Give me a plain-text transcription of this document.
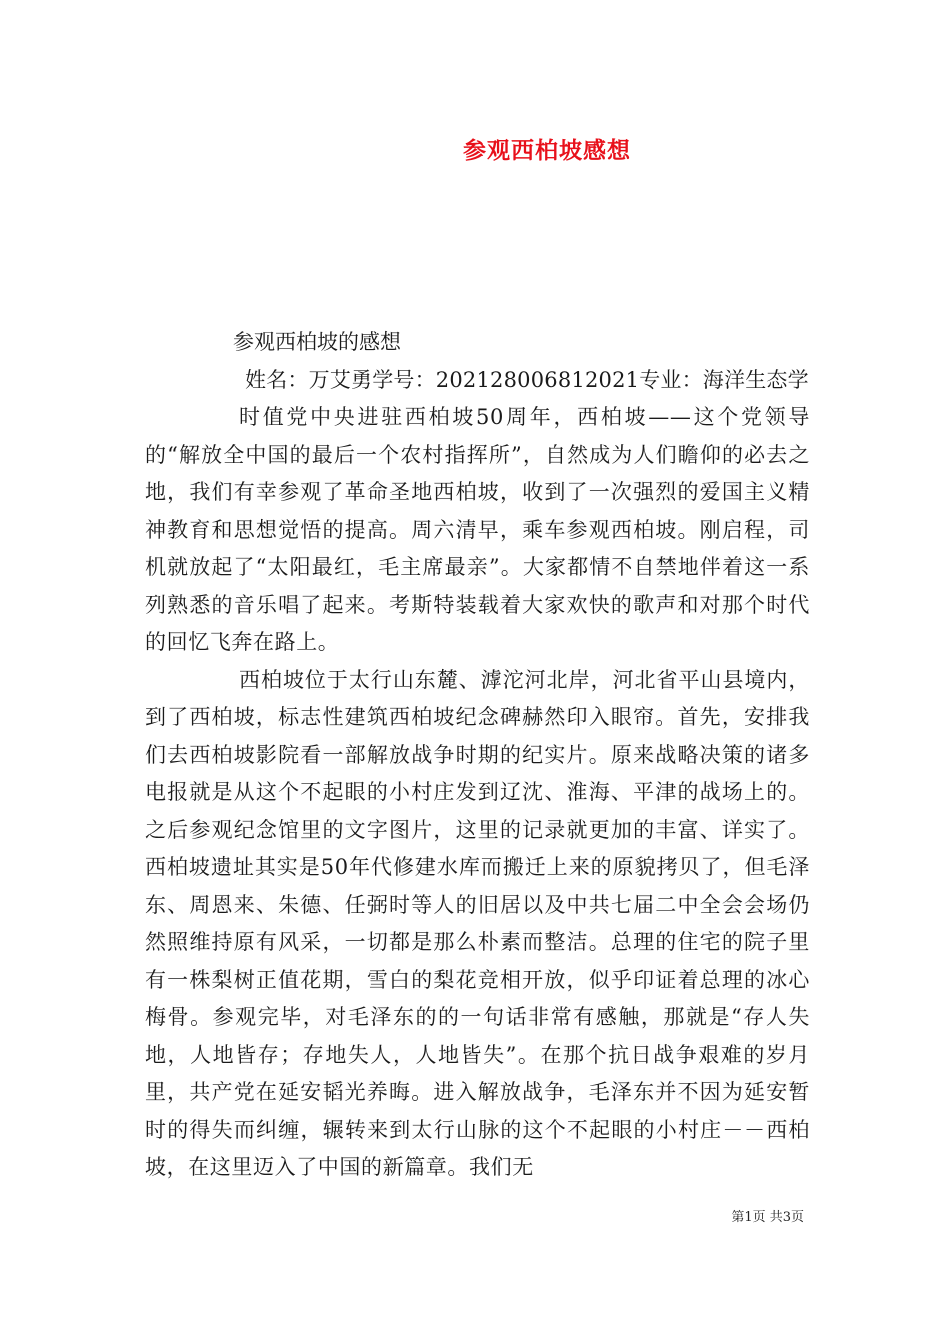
参观西柏坡感想

参观西柏坡的感想

姓名：万艾勇学号：202128006812021专业：海洋生态学

时值党中央进驻西柏坡50周年，西柏坡——这个党领导的“解放全中国的最后一个农村指挥所”，自然成为人们瞻仰的必去之地，我们有幸参观了革命圣地西柏坡，收到了一次强烈的爱国主义精神教育和思想觉悟的提高。周六清早，乘车参观西柏坡。刚启程，司机就放起了“太阳最红，毛主席最亲”。大家都情不自禁地伴着这一系列熟悉的音乐唱了起来。考斯特装载着大家欢快的歌声和对那个时代的回忆飞奔在路上。

西柏坡位于太行山东麓、滹沱河北岸，河北省平山县境内，到了西柏坡，标志性建筑西柏坡纪念碑赫然印入眼帘。首先，安排我们去西柏坡影院看一部解放战争时期的纪实片。原来战略决策的诸多电报就是从这个不起眼的小村庄发到辽沈、淮海、平津的战场上的。之后参观纪念馆里的文字图片，这里的记录就更加的丰富、详实了。西柏坡遗址其实是50年代修建水库而搬迁上来的原貌拷贝了，但毛泽东、周恩来、朱德、任弼时等人的旧居以及中共七届二中全会会场仍然照维持原有风采，一切都是那么朴素而整洁。总理的住宅的院子里有一株梨树正值花期，雪白的梨花竞相开放，似乎印证着总理的冰心梅骨。参观完毕，对毛泽东的的一句话非常有感触，那就是“存人失地，人地皆存；存地失人，人地皆失”。在那个抗日战争艰难的岁月里，共产党在延安韬光养晦。进入解放战争，毛泽东并不因为延安暂时的得失而纠缠，辗转来到太行山脉的这个不起眼的小村庄－－西柏坡，在这里迈入了中国的新篇章。我们无

第1页 共3页
